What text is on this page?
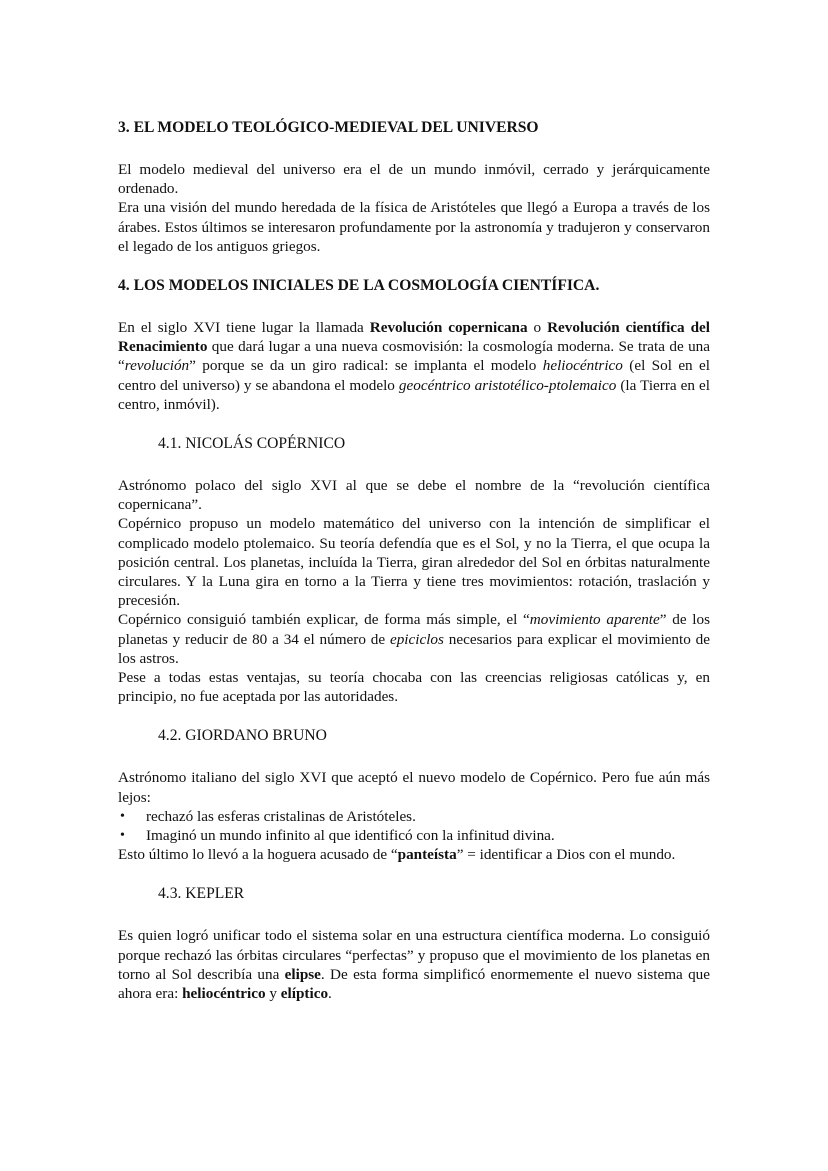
3. EL MODELO TEOLÓGICO-MEDIEVAL DEL UNIVERSO

El modelo medieval del universo era el de un mundo inmóvil, cerrado y jerárquicamente ordenado.

Era una visión del mundo heredada de la física de Aristóteles que llegó a Europa a través de los árabes. Estos últimos se interesaron profundamente por la astronomía y tradujeron y conservaron el legado de los antiguos griegos.

4. LOS MODELOS INICIALES DE LA COSMOLOGÍA CIENTÍFICA.

En el siglo XVI tiene lugar la llamada Revolución copernicana o Revolución científica del Renacimiento que dará lugar a una nueva cosmovisión: la cosmología moderna. Se trata de una “revolución” porque se da un giro radical: se implanta el modelo heliocéntrico (el Sol en el centro del universo) y se abandona el modelo geocéntrico aristotélico-ptolemaico (la Tierra en el centro, inmóvil).

4.1. NICOLÁS COPÉRNICO

Astrónomo polaco del siglo XVI al que se debe el nombre de la “revolución científica copernicana”.

Copérnico propuso un modelo matemático del universo con la intención de simplificar el complicado modelo ptolemaico. Su teoría defendía que es el Sol, y no la Tierra, el que ocupa la posición central. Los planetas, incluída la Tierra, giran alrededor del Sol en órbitas naturalmente circulares. Y la Luna gira en torno a la Tierra y tiene tres movimientos: rotación, traslación y precesión.

Copérnico consiguió también explicar, de forma más simple, el “movimiento aparente” de los planetas y reducir de 80 a 34 el número de epiciclos necesarios para explicar el movimiento de los astros.

Pese a todas estas ventajas, su teoría chocaba con las creencias religiosas católicas y, en principio, no fue aceptada por las autoridades.

4.2. GIORDANO BRUNO

Astrónomo italiano del siglo XVI que aceptó el nuevo modelo de Copérnico. Pero fue aún más lejos:

• rechazó las esferas cristalinas de Aristóteles.
• Imaginó un mundo infinito al que identificó con la infinitud divina.

Esto último lo llevó a la hoguera acusado de “panteísta” = identificar a Dios con el mundo.

4.3. KEPLER

Es quien logró unificar todo el sistema solar en una estructura científica moderna. Lo consiguió porque rechazó las órbitas circulares “perfectas” y propuso que el movimiento de los planetas en torno al Sol describía una elipse. De esta forma simplificó enormemente el nuevo sistema que ahora era: heliocéntrico y elíptico.
